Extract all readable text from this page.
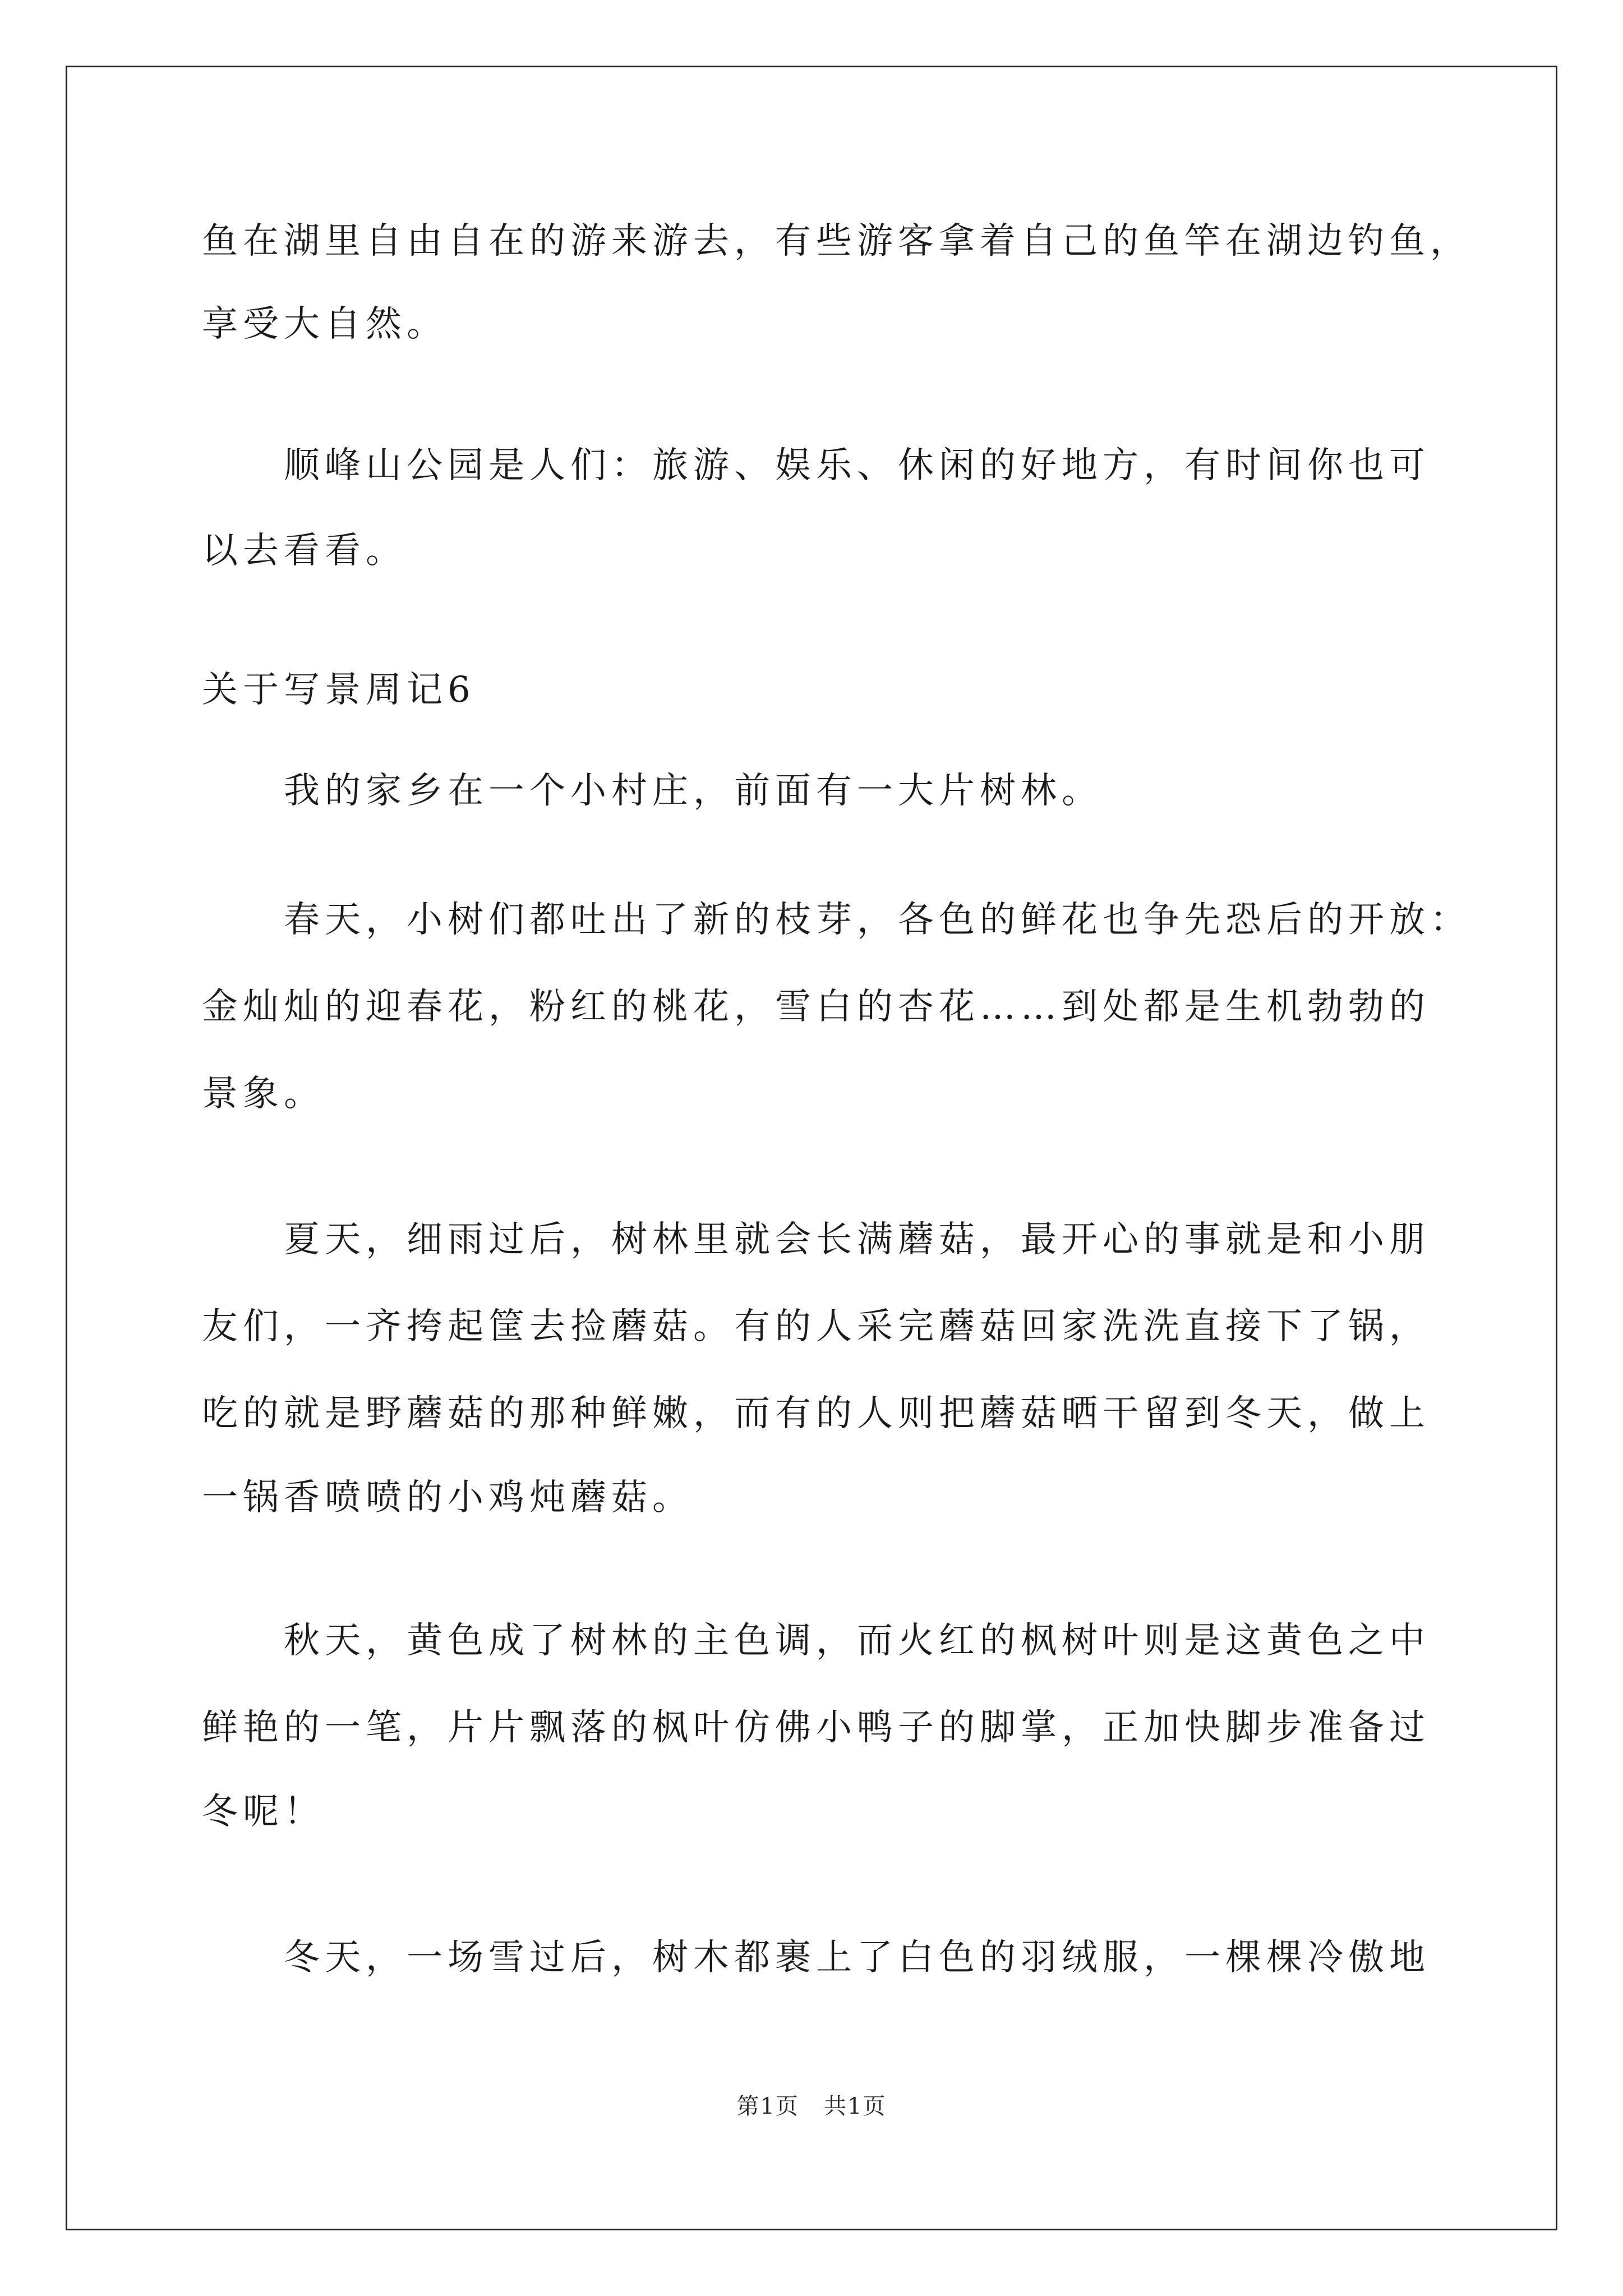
鱼在湖里自由自在的游来游去，有些游客拿着自己的鱼竿在湖边钓鱼，
享受大自然。
顺峰山公园是人们：旅游、娱乐、休闲的好地方，有时间你也可
以去看看。
关于写景周记6
我的家乡在一个小村庄，前面有一大片树林。
春天，小树们都吐出了新的枝芽，各色的鲜花也争先恐后的开放：
金灿灿的迎春花，粉红的桃花，雪白的杏花……到处都是生机勃勃的
景象。
夏天，细雨过后，树林里就会长满蘑菇，最开心的事就是和小朋
友们，一齐挎起筐去捡蘑菇。有的人采完蘑菇回家洗洗直接下了锅，
吃的就是野蘑菇的那种鲜嫩，而有的人则把蘑菇晒干留到冬天，做上
一锅香喷喷的小鸡炖蘑菇。
秋天，黄色成了树林的主色调，而火红的枫树叶则是这黄色之中
鲜艳的一笔，片片飘落的枫叶仿佛小鸭子的脚掌，正加快脚步准备过
冬呢！
冬天，一场雪过后，树木都裹上了白色的羽绒服，一棵棵冷傲地
第1页   共1页
